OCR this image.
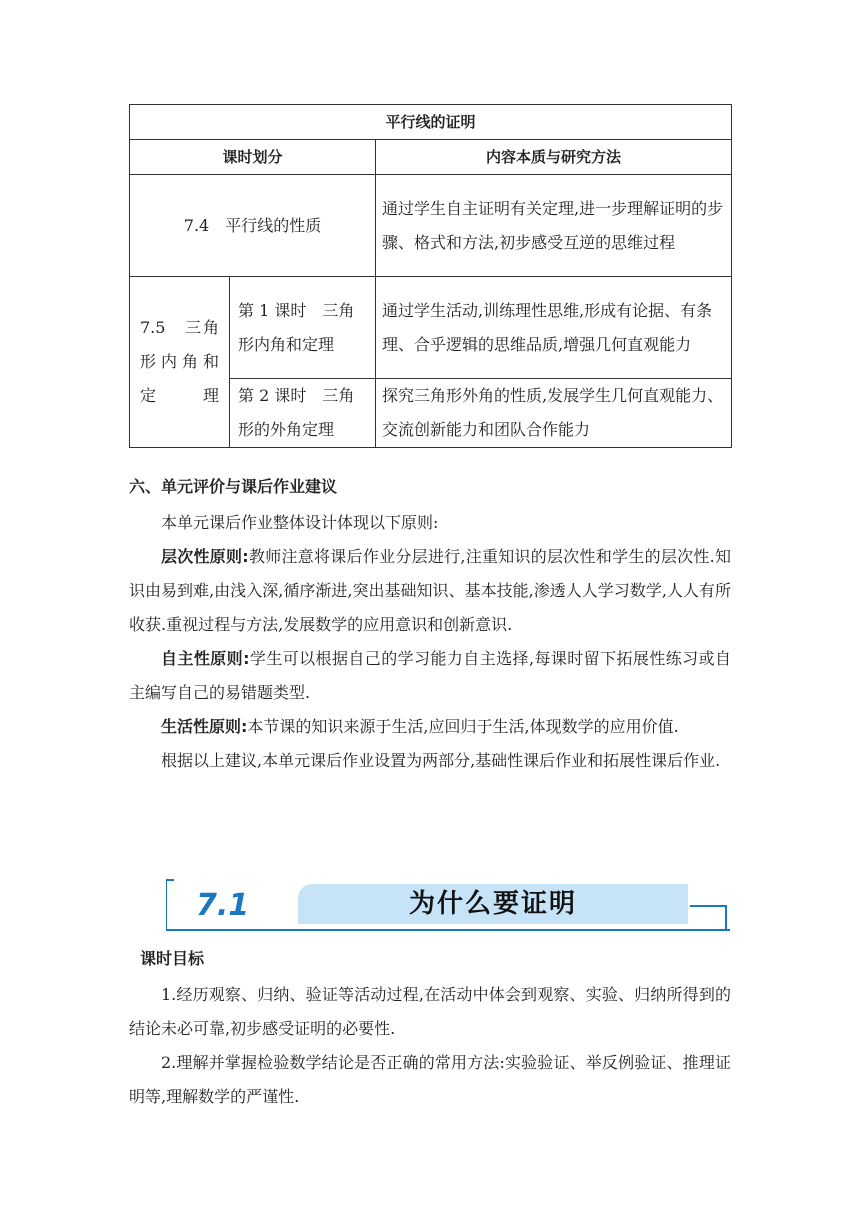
平行线的证明		
课时划分		内容本质与研究方法
7.4　平行线的性质		通过学生自主证明有关定理,进一步理解证明的步骤、格式和方法,初步感受互逆的思维过程
7.5　三角形内角和定理	第 1 课时　三角形内角和定理	通过学生活动,训练理性思维,形成有论据、有条理、合乎逻辑的思维品质,增强几何直观能力
	第 2 课时　三角形的外角定理	探究三角形外角的性质,发展学生几何直观能力、交流创新能力和团队合作能力
六、单元评价与课后作业建议

本单元课后作业整体设计体现以下原则:

层次性原则:教师注意将课后作业分层进行,注重知识的层次性和学生的层次性.知识由易到难,由浅入深,循序渐进,突出基础知识、基本技能,渗透人人学习数学,人人有所收获.重视过程与方法,发展数学的应用意识和创新意识.

自主性原则:学生可以根据自己的学习能力自主选择,每课时留下拓展性练习或自主编写自己的易错题类型.

生活性原则:本节课的知识来源于生活,应回归于生活,体现数学的应用价值.

根据以上建议,本单元课后作业设置为两部分,基础性课后作业和拓展性课后作业.

7.1	为什么要证明
课时目标

1.经历观察、归纳、验证等活动过程,在活动中体会到观察、实验、归纳所得到的结论未必可靠,初步感受证明的必要性.

2.理解并掌握检验数学结论是否正确的常用方法:实验验证、举反例验证、推理证明等,理解数学的严谨性.
